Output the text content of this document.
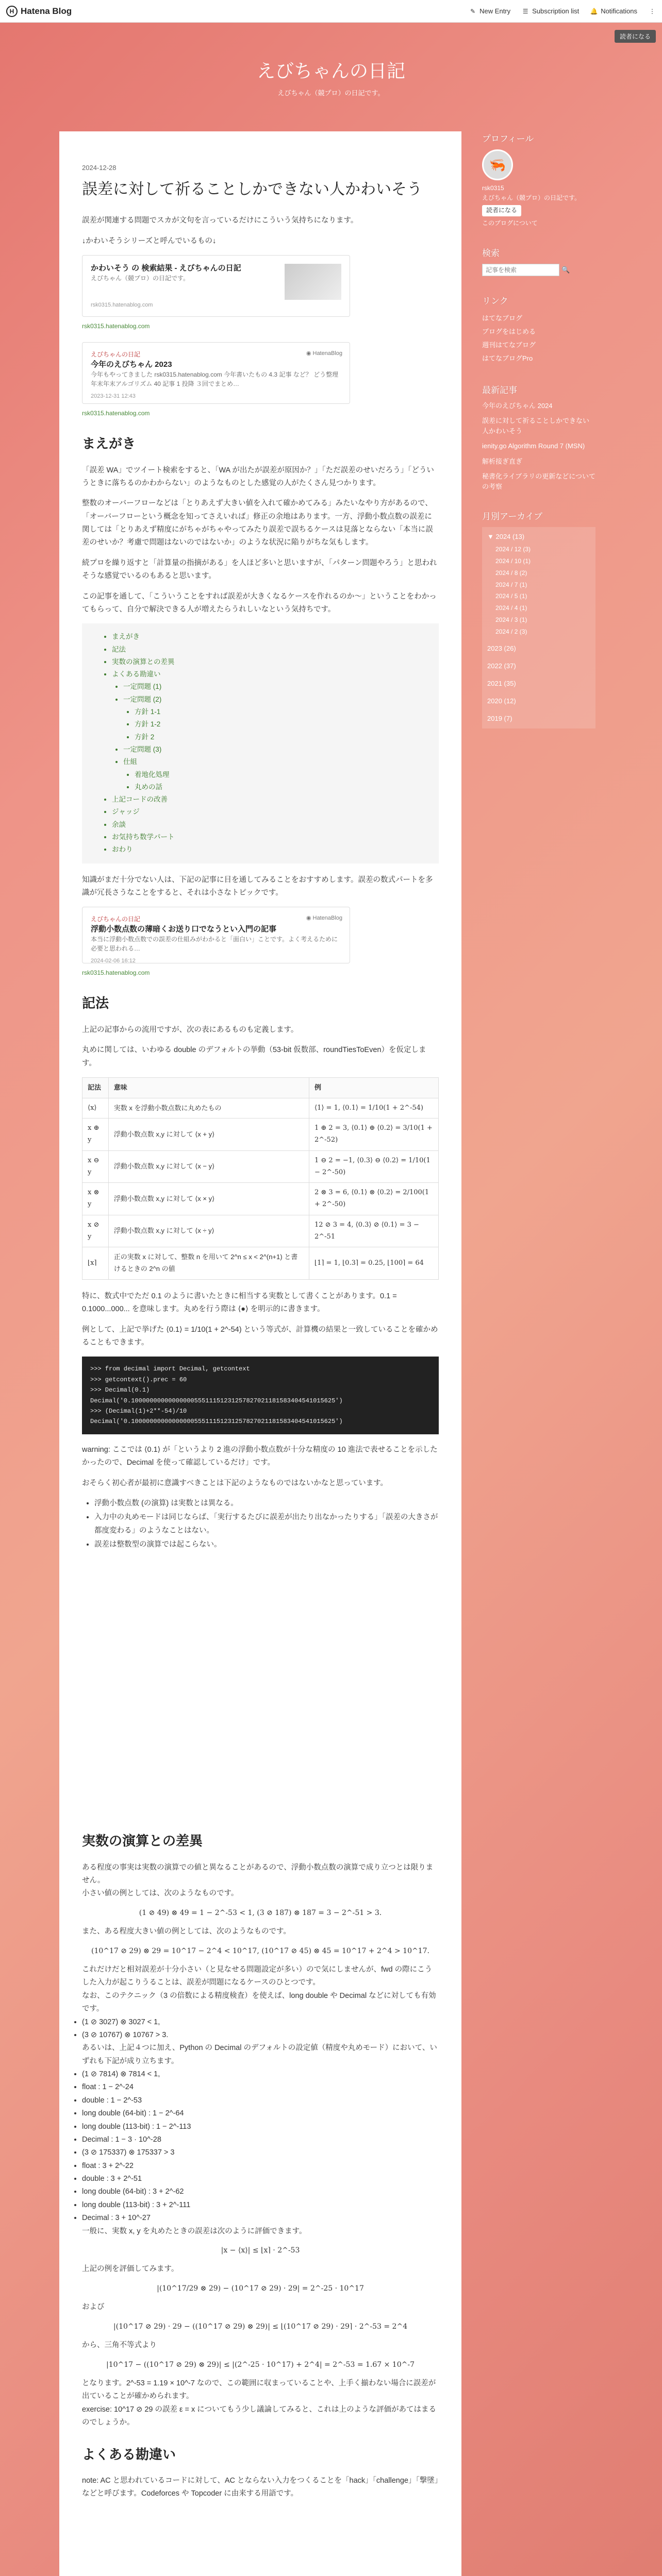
H Hatena Blog	✎ New Entry ☰ Subscription list 🔔 Notifications ⋮
読者になる
えびちゃんの日記
えびちゃん（競プロ）の日記です。
2024-12-28
誤差に対して祈ることしかできない人かわいそう

誤差が関連する問題でスカが文句を言っているだけにこういう気持ちになります。

↓かわいそうシリーズと呼んでいるもの↓

かわいそう の 検索結果 - えびちゃんの日記
えびちゃん（競プロ）の日記です。
rsk0315.hatenablog.com
rsk0315.hatenablog.com
えびちゃんの日記
今年のえびちゃん 2023
今年もやってきました rsk0315.hatenablog.com 今年書いたもの 4.3 記事 など？ どう整理 年末年末アルゴリズム 40 記事 1 投降 ３回でまとめ…
2023-12-31 12:43
◉ HatenaBlog
rsk0315.hatenablog.com
まえがき

「誤差 WA」でツイート検索をすると、「WA が出たが誤差が原因か？」「ただ誤差のせいだろう」「どういうときに落ちるのかわからない」のようなものとした感覚の人がたくさん見つかります。

整数のオーバーフローなどは「とりあえず大きい値を入れて確かめてみる」みたいなやり方があるので、「オーバーフローという概念を知ってさえいれば」修正の余地はあります。一方、浮動小数点数の誤差に関しては「とりあえず精度にがちゃがちゃやってみたり誤差で誤ちるケースは見落とならない「本当に誤差のせいか？考慮で問題はないのではないか」のような状況に陥りがちな気もします。

続プロを繰り返すと「計算量の指摘がある」を人ほど多いと思いますが、「パターン問題やろう」と思われそうな感覚でいるのもあると思います。

この記事を通して、「こういうことをすれば誤差が大きくなるケースを作れるのか～」ということをわかってもらって、自分で解決できる人が増えたらうれしいなという気持ちです。

• まえがき
• 記法
• 実数の演算との差異
• よくある勘違い
• 一定問題 (1)
• 一定問題 (2)
• 方針 1-1
• 方針 1-2
• 方針 2
• 一定問題 (3)
• 仕組
• 着地化処理
• 丸めの話
• 上記コードの改善
• ジャッジ
• 余談
• お気持ち数学パート
• おわり

知識がまだ十分でない人は、下記の記事に目を通してみることをおすすめします。誤差の数式パートを多識が冗長さうなことをすると、それは小さなトピックです。

えびちゃんの日記
浮動小数点数の薄暗くお送り口でなうとい入門の記事
本当に浮動小数点数での誤差の仕組みがわかると「面白い」ことです。よく考えるために必要と思われる…
2024-02-06 16:12
◉ HatenaBlog
rsk0315.hatenablog.com
記法

上記の記事からの流用ですが、次の表にあるものも定義します。

丸めに関しては、いわゆる double のデフォルトの挙動（53-bit 仮数部、roundTiesToEven）を仮定します。

記法	意味	例
⟨x⟩	実数 x を浮動小数点数に丸めたもの	⟨1⟩ = 1, ⟨0.1⟩ = 1/10(1 + 2^-54)
x ⊕ y	浮動小数点数 x,y に対して ⟨x + y⟩	1 ⊕ 2 = 3, ⟨0.1⟩ ⊕ ⟨0.2⟩ = 3/10(1 + 2^-52)
x ⊖ y	浮動小数点数 x,y に対して ⟨x − y⟩	1 ⊖ 2 = −1, ⟨0.3⟩ ⊖ ⟨0.2⟩ = 1/10(1 − 2^-50)
x ⊗ y	浮動小数点数 x,y に対して ⟨x × y⟩	2 ⊗ 3 = 6, ⟨0.1⟩ ⊗ ⟨0.2⟩ = 2/100(1 + 2^-50)
x ⊘ y	浮動小数点数 x,y に対して ⟨x ÷ y⟩	12 ⊘ 3 = 4, ⟨0.3⟩ ⊘ ⟨0.1⟩ = 3 − 2^-51
⌊x⌉	正の実数 x に対して、整数 n を用いて 2^n ≤ x < 2^(n+1) と書けるときの 2^n の値	⌊1⌉ = 1, ⌊0.3⌉ = 0.25, ⌊100⌉ = 64

特に、数式中でただ 0.1 のように書いたときに相当する実数として書くことがあります。0.1 = 0.1000...000... を意味します。丸めを行う際は ⟨●⟩ を明示的に書きます。

例として、上記で挙げた ⟨0.1⟩ = 1/10(1 + 2^-54) という等式が、計算機の結果と一致していることを確かめることもできます。

>>> from decimal import Decimal, getcontext
>>> getcontext().prec = 60
>>> Decimal(0.1)
Decimal('0.1000000000000000055511151231257827021181583404541015625')
>>> (Decimal(1)+2**-54)/10
Decimal('0.1000000000000000055511151231257827021181583404541015625')

warning: ここでは ⟨0.1⟩ が「というより 2 進の浮動小数点数が十分な精度の 10 進法で表せることを示したかったので、Decimal を使って確認しているだけ」です。

おそらく初心者が最初に意識すべきことは下記のようなものではないかなと思っています。

• 浮動小数点数 (の演算) は実数とは異なる。
• 入力中の丸めモードは同じならば、「実行するたびに誤差が出たり出なかったりする」「誤差の大きさが都度変わる」のようなことはない。
• 誤差は整数型の演算では起こらない。
実数の演算との差異

ある程度の事実は実数の演算での値と異なることがあるので、浮動小数点数の演算で成り立つとは限りません。

小さい値の例としては、次のようなものです。

(1 ⊘ 49) ⊗ 49 = 1 − 2^-53 < 1, (3 ⊘ 187) ⊗ 187 = 3 − 2^-51 > 3.

また、ある程度大きい値の例としては、次のようなものです。

(10^17 ⊘ 29) ⊗ 29 = 10^17 − 2^4 < 10^17, (10^17 ⊘ 45) ⊗ 45 = 10^17 + 2^4 > 10^17.

これだけだと相対誤差が十分小さい（と見なせる問題設定が多い）ので気にしませんが、fwd の際にこうした入力が起こりうることは、誤差が問題になるケースのひとつです。

なお、このテクニック（3 の倍数による精度検査）を使えば、long double や Decimal などに対しても有効です。

• (1 ⊘ 3027) ⊗ 3027 < 1,
• (3 ⊘ 10767) ⊗ 10767 > 3.

あるいは、上記４つに加え、Python の Decimal のデフォルトの設定値（精度や丸めモード）において、いずれも下記が成り立ちます。

• (1 ⊘ 7814) ⊗ 7814 < 1,
• float : 1 − 2^-24
• double : 1 − 2^-53
• long double (64-bit) : 1 − 2^-64
• long double (113-bit) : 1 − 2^-113
• Decimal : 1 − 3 · 10^-28
• (3 ⊘ 175337) ⊗ 175337 > 3
• float : 3 + 2^-22
• double : 3 + 2^-51
• long double (64-bit) : 3 + 2^-62
• long double (113-bit) : 3 + 2^-111
• Decimal : 3 + 10^-27

一般に、実数 x, y を丸めたときの誤差は次のように評価できます。

|x − ⟨x⟩| ≤ ⌊x⌉ · 2^-53

上記の例を評価してみます。

|(10^17/29 ⊗ 29) − (10^17 ⊘ 29) · 29| = 2^-25 · 10^17

および

|(10^17 ⊘ 29) · 29 − ((10^17 ⊘ 29) ⊗ 29)| ≤ ⌊(10^17 ⊘ 29) · 29⌉ · 2^-53 = 2^4

から、三角不等式より

|10^17 − ((10^17 ⊘ 29) ⊗ 29)| ≤ |(2^-25 · 10^17) + 2^4| = 2^-53 = 1.67 × 10^-7

となります。2^-53 = 1.19 × 10^-7 なので、この範囲に収まっていることや、上手く揃わない場合に誤差が出ていることが確かめられます。

exercise: 10^17 ⊘ 29 の誤差 ε = x についてもう少し議論してみると、これは上のような評価があてはまるのでしょうか。

よくある勘違い

note: AC と思われているコードに対して、AC とならない入力をつくることを「hack」「challenge」「撃墜」などと呼びます。Codeforces や Topcoder に由来する用語です。

プロフィール
🦐
rsk0315
えびちゃん（競プロ）の日記です。
読者になる
このブログについて
検索
記事を検索
🔍
リンク
はてなブログ
ブログをはじめる
週刊はてなブログ
はてなブログPro
最新記事
今年のえびちゃん 2024
誤差に対して祈ることしかできない人かわいそう
ienity.go Algorithm Round 7 (MSN)
解析接ぎ直ぎ
秘書化ライブラリの更新などについての考察
月別アーカイブ
▼ 2024 (13)
2024 / 12 (3)
2024 / 10 (1)
2024 / 8 (2)
2024 / 7 (1)
2024 / 5 (1)
2024 / 4 (1)
2024 / 3 (1)
2024 / 2 (3)
2023 (26)
2022 (37)
2021 (35)
2020 (12)
2019 (7)
